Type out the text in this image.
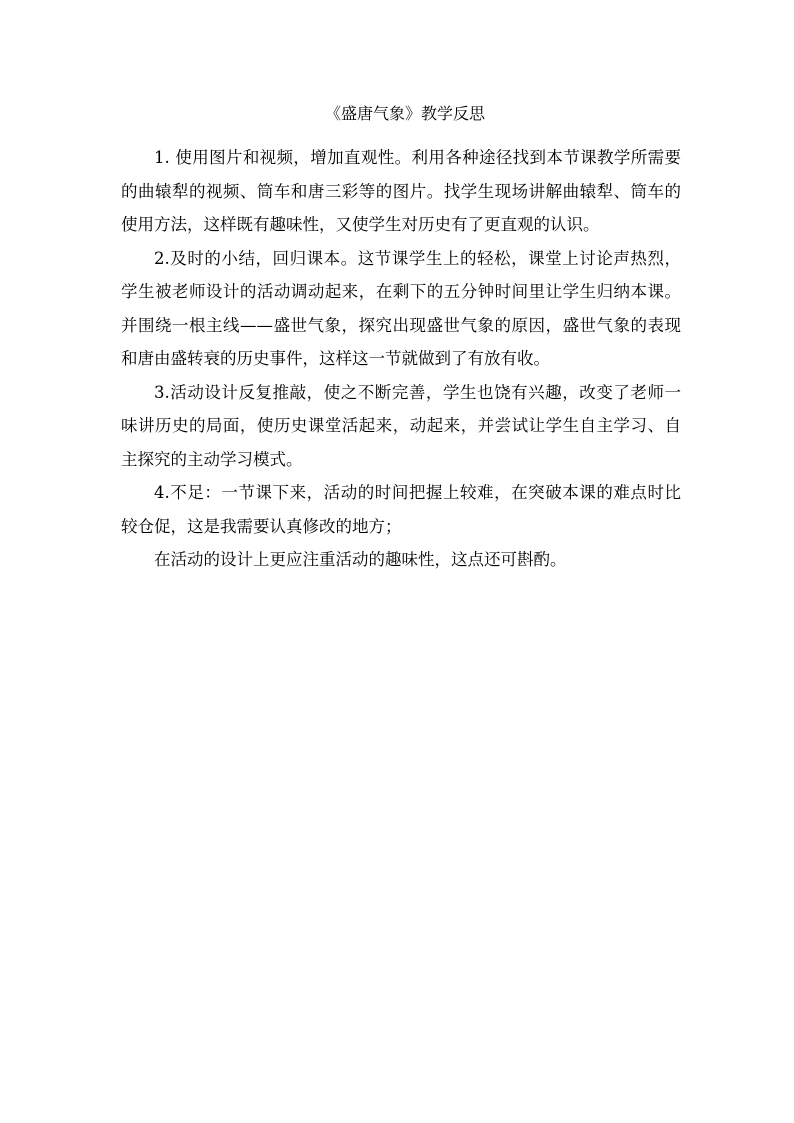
《盛唐气象》教学反思

1. 使用图片和视频，增加直观性。利用各种途径找到本节课教学所需要的曲辕犁的视频、筒车和唐三彩等的图片。找学生现场讲解曲辕犁、筒车的使用方法，这样既有趣味性，又使学生对历史有了更直观的认识。

2.及时的小结，回归课本。这节课学生上的轻松，课堂上讨论声热烈，学生被老师设计的活动调动起来，在剩下的五分钟时间里让学生归纳本课。并围绕一根主线——盛世气象，探究出现盛世气象的原因，盛世气象的表现和唐由盛转衰的历史事件，这样这一节就做到了有放有收。

3.活动设计反复推敲，使之不断完善，学生也饶有兴趣，改变了老师一味讲历史的局面，使历史课堂活起来，动起来，并尝试让学生自主学习、自主探究的主动学习模式。

4.不足：一节课下来，活动的时间把握上较难，在突破本课的难点时比较仓促，这是我需要认真修改的地方；

在活动的设计上更应注重活动的趣味性，这点还可斟酌。
